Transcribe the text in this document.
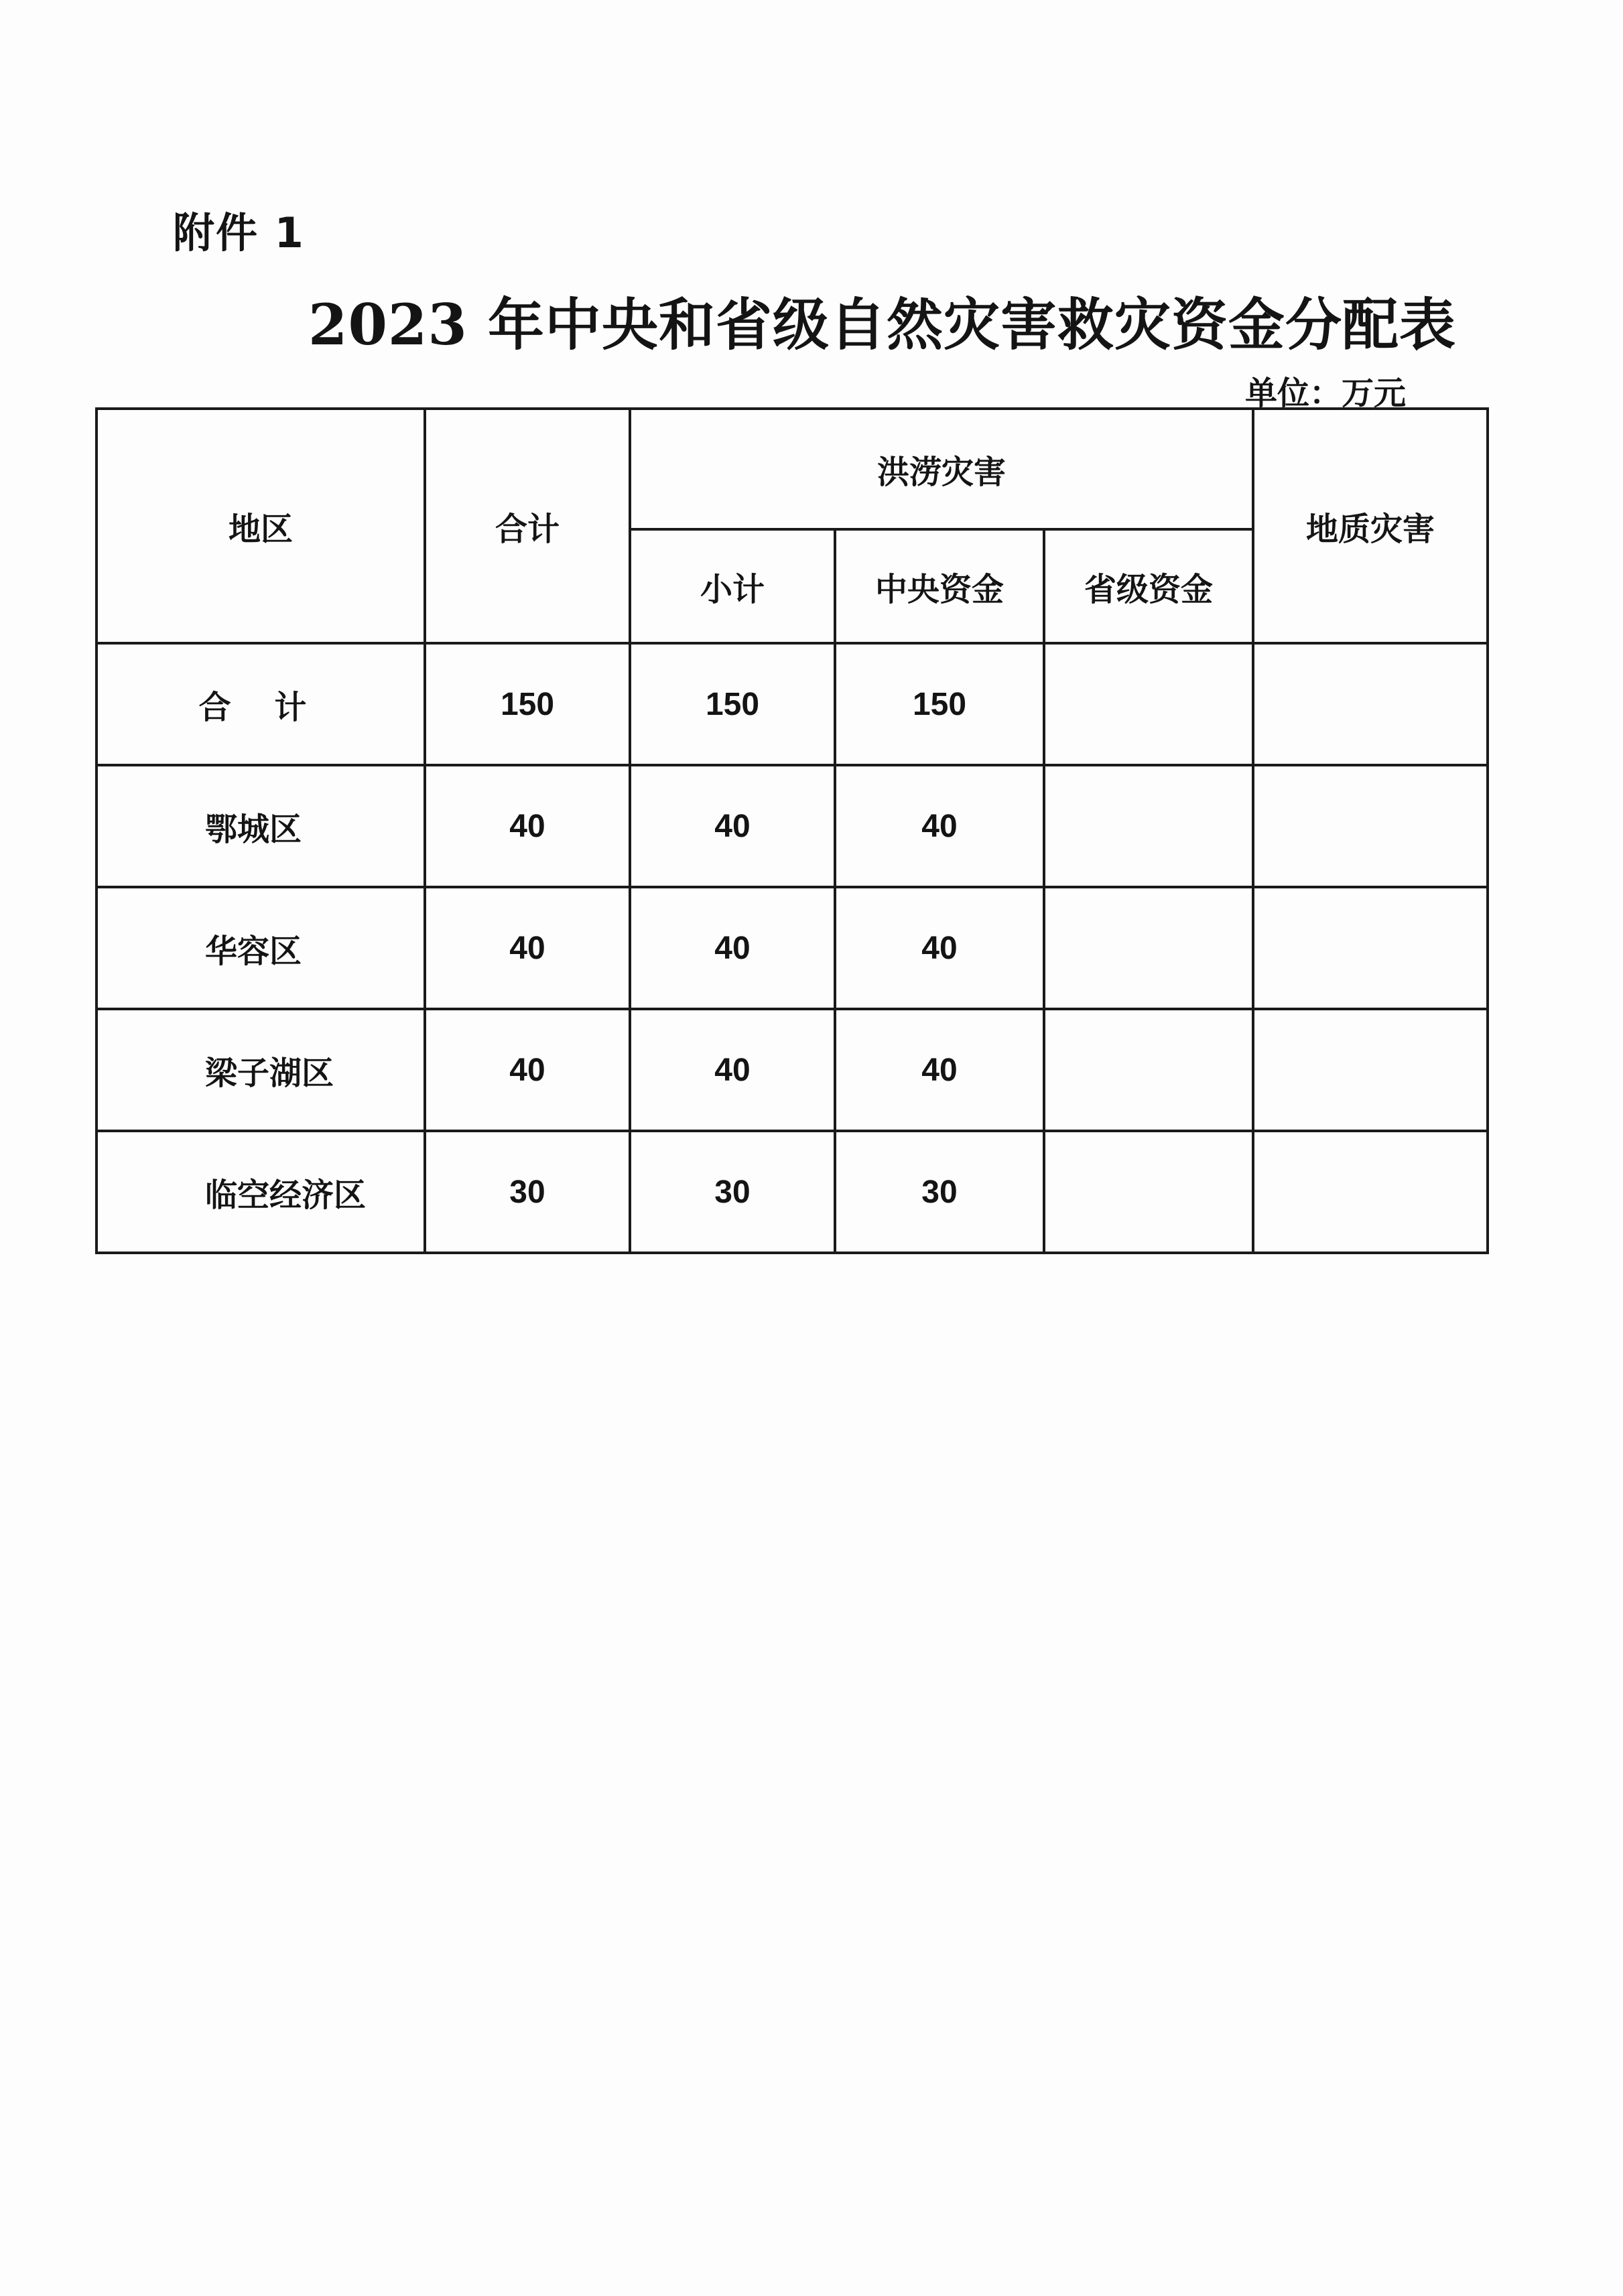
附件 1
2023 年中央和省级自然灾害救灾资金分配表
单位：万元
地区	合计	洪涝灾害			地质灾害
		小计	中央资金	省级资金	
合 计	150	150	150		
鄂城区	40	40	40		
华容区	40	40	40		
梁子湖区	40	40	40		
临空经济区	30	30	30		
